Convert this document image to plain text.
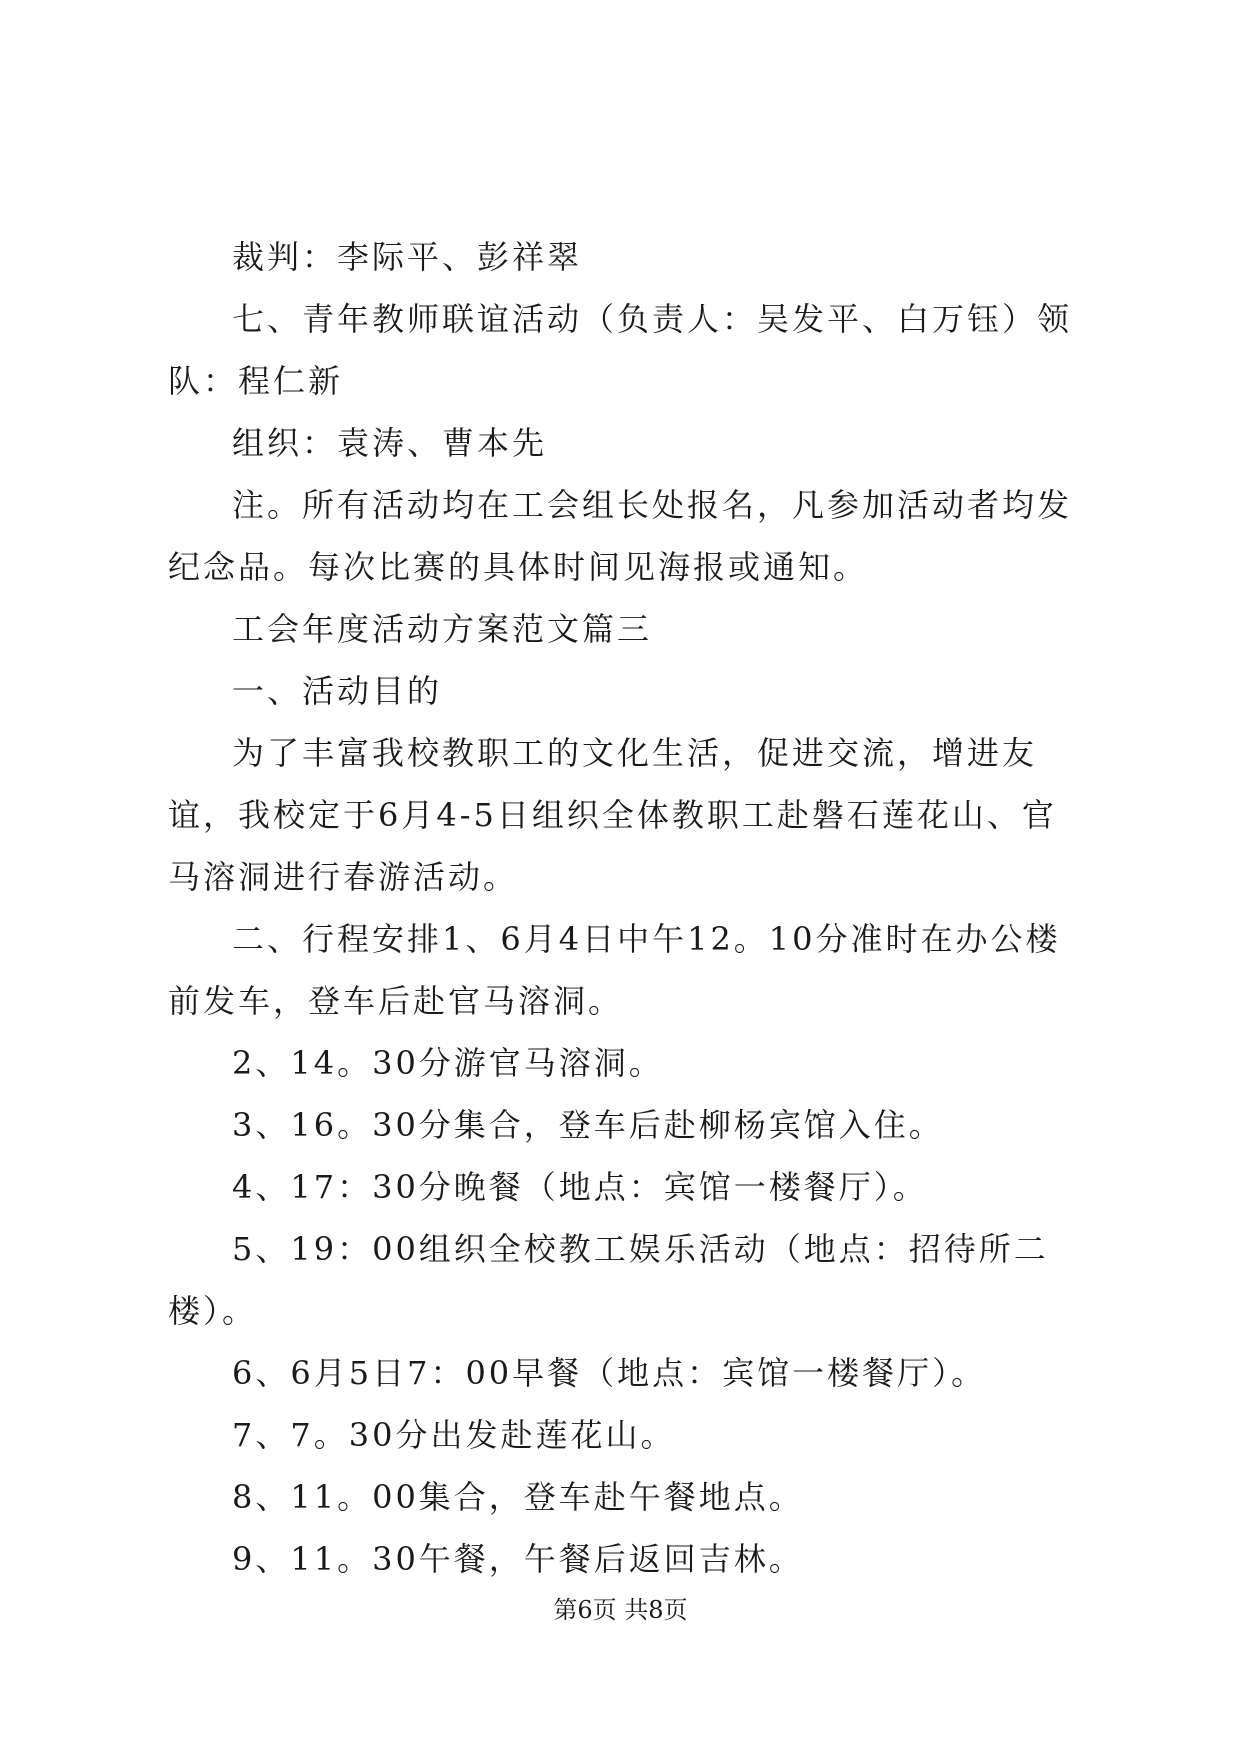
裁判：李际平、彭祥翠

七、青年教师联谊活动（负责人：吴发平、白万钰）领队：程仁新

组织：袁涛、曹本先

注。所有活动均在工会组长处报名，凡参加活动者均发纪念品。每次比赛的具体时间见海报或通知。

工会年度活动方案范文篇三

一、活动目的

为了丰富我校教职工的文化生活，促进交流，增进友谊，我校定于6月4-5日组织全体教职工赴磐石莲花山、官马溶洞进行春游活动。

二、行程安排1、6月4日中午12。10分准时在办公楼前发车，登车后赴官马溶洞。

2、14。30分游官马溶洞。

3、16。30分集合，登车后赴柳杨宾馆入住。

4、17：30分晚餐（地点：宾馆一楼餐厅）。

5、19：00组织全校教工娱乐活动（地点：招待所二楼）。

6、6月5日7：00早餐（地点：宾馆一楼餐厅）。

7、7。30分出发赴莲花山。

8、11。00集合，登车赴午餐地点。

9、11。30午餐，午餐后返回吉林。

第6页 共8页
